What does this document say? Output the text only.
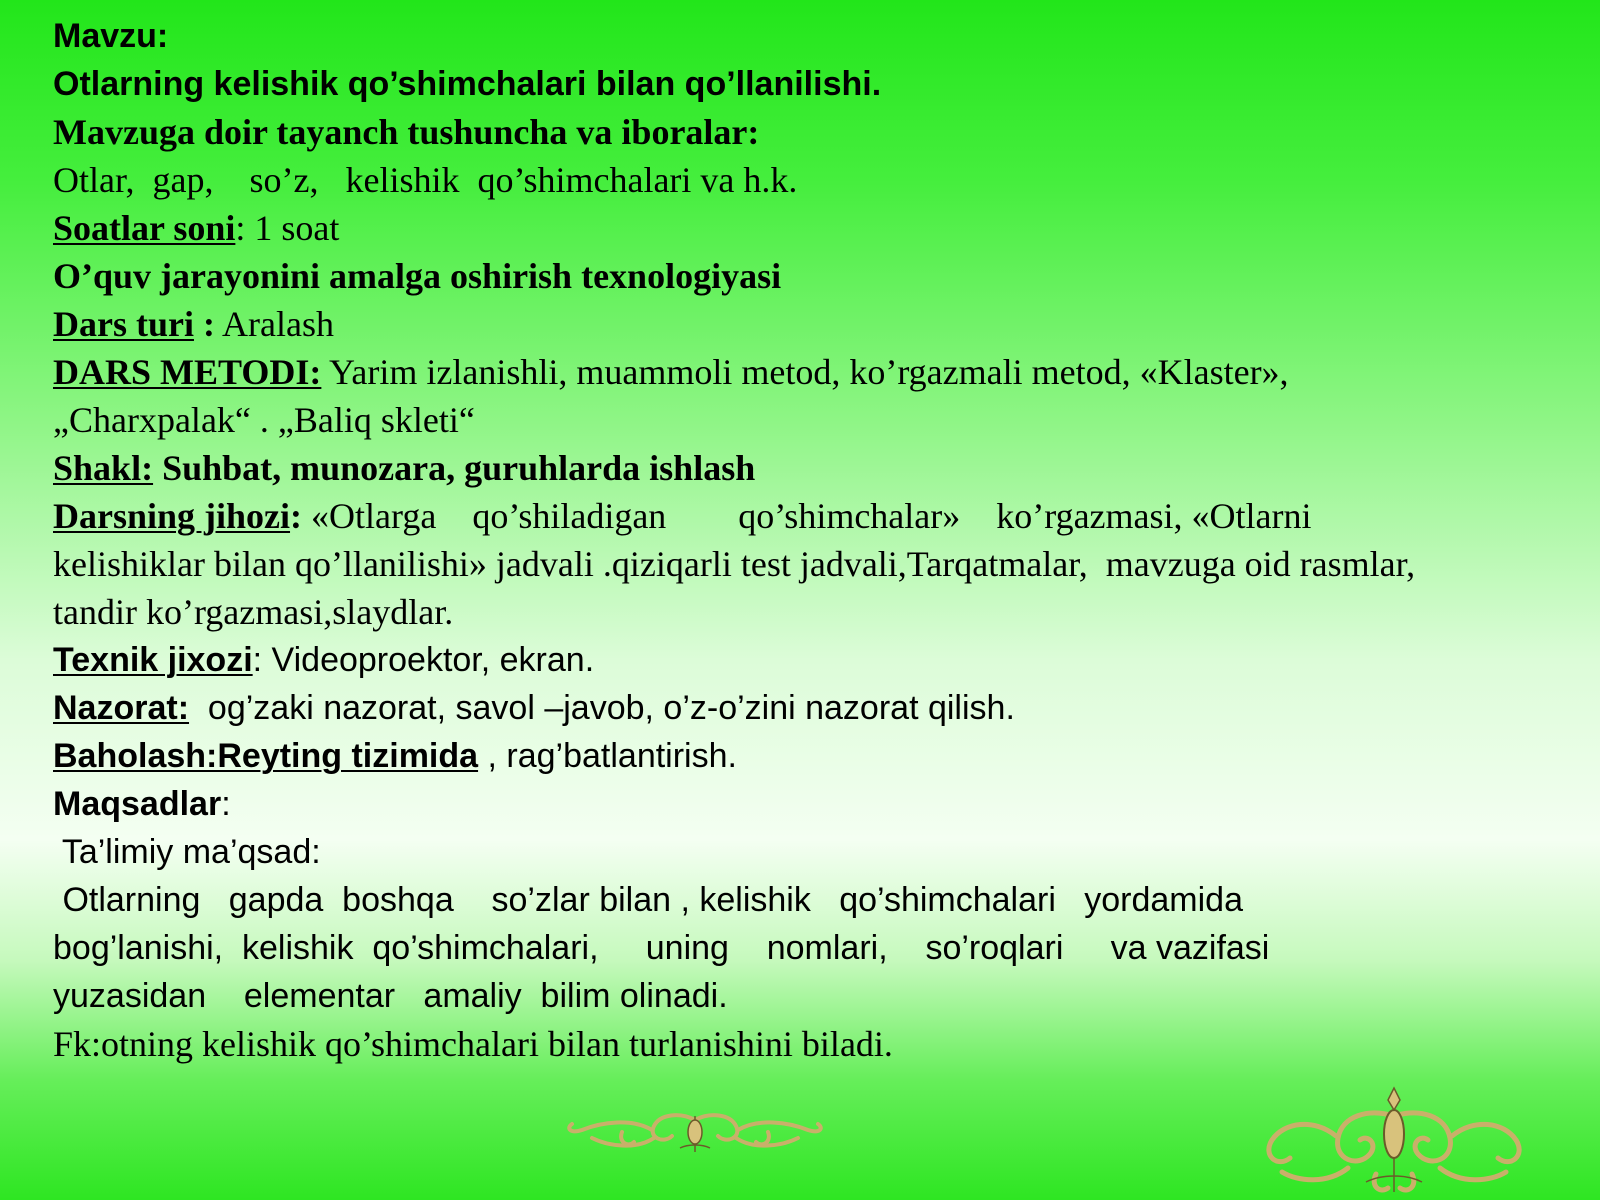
Mavzu:

Otlarning kelishik qo’shimchalari bilan qo’llanilishi.

Mavzuga doir tayanch tushuncha va iboralar:

Otlar,  gap,    so’z,   kelishik  qo’shimchalari va h.k.

Soatlar soni: 1 soat

O’quv jarayonini amalga oshirish texnologiyasi

Dars turi : Aralash

DARS METODI: Yarim izlanishli, muammoli metod, ko’rgazmali metod, «Klaster»,

„Charxpalak“ . „Baliq skleti“

Shakl: Suhbat, munozara, guruhlarda ishlash

Darsning jihozi: «Otlarga    qo’shiladigan        qo’shimchalar»    ko’rgazmasi, «Otlarni

kelishiklar bilan qo’llanilishi» jadvali .qiziqarli test jadvali,Tarqatmalar,  mavzuga oid rasmlar,

tandir ko’rgazmasi,slaydlar.

Texnik jixozi: Videoproektor, ekran.

Nazorat:  og’zaki nazorat, savol –javob, o’z-o’zini nazorat qilish.

Baholash:Reyting tizimida , rag’batlantirish.

Maqsadlar:

Ta’limiy ma’qsad:

Otlarning   gapda  boshqa    so’zlar bilan , kelishik   qo’shimchalari   yordamida

bog’lanishi,  kelishik  qo’shimchalari,     uning    nomlari,    so’roqlari     va vazifasi

yuzasidan    elementar   amaliy  bilim olinadi.

Fk:otning kelishik qo’shimchalari bilan turlanishini biladi.
